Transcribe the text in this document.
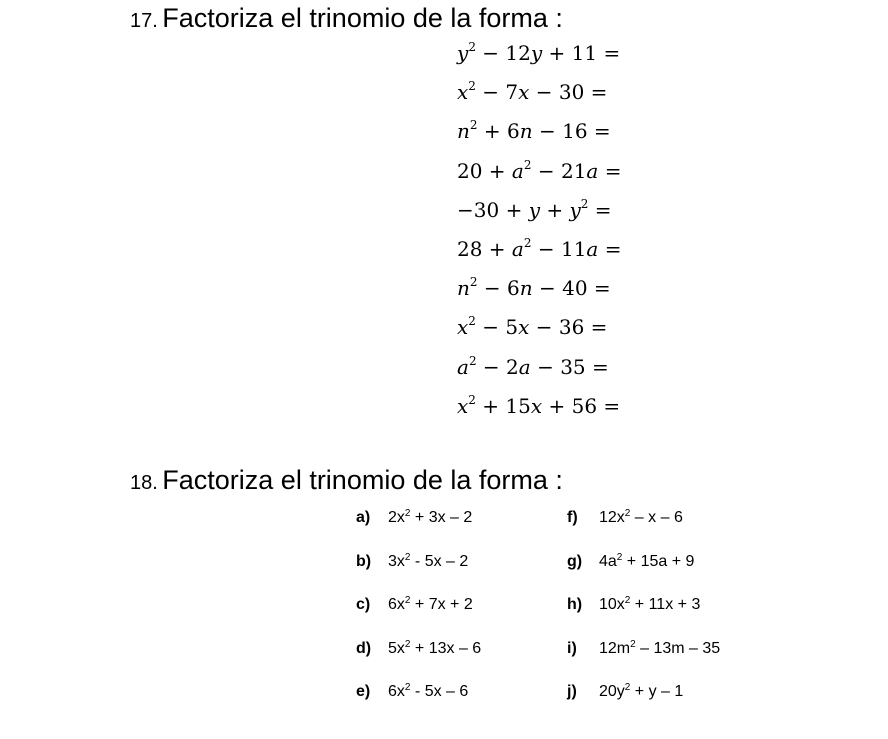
17. Factoriza el trinomio de la forma :
$y^2 - 12y + 11$ =
$x^2 - 7x - 30$ =
$n^2 + 6n - 16$ =
$20 + a^2 - 21a$ =
$-30 + y + y^2$ =
$28 + a^2 - 11a$ =
$n^2 - 6n - 40$ =
$x^2 - 5x - 36$ =
$a^2 - 2a - 35$ =
$x^2 + 15x + 56$ =
18. Factoriza el trinomio de la forma :
a) $2x^2 + 3x - 2$
b) $3x^2 - 5x - 2$
c) $6x^2 + 7x + 2$
d) $5x^2 + 13x - 6$
e) $6x^2 - 5x - 6$
f) $12x^2$ – x – 6
g) $4a^2 + 15a + 9$
h) $10x^2 + 11x + 3$
i) $12m^2 - 13m - 35$
j) $20y^2 + y - 1$
